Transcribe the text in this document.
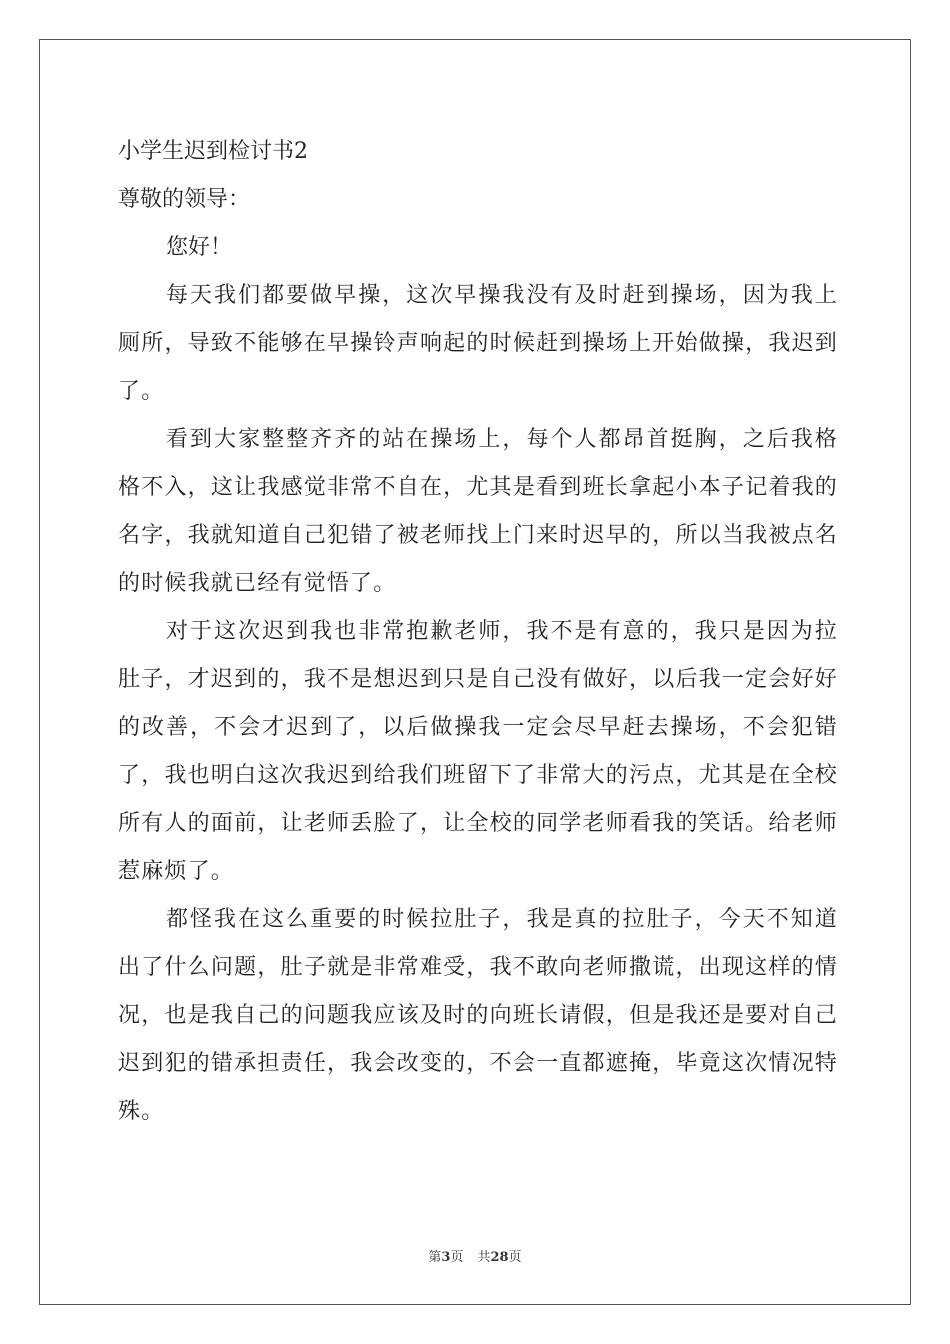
小学生迟到检讨书2

尊敬的领导：

您好！

每天我们都要做早操，这次早操我没有及时赶到操场，因为我上厕所，导致不能够在早操铃声响起的时候赶到操场上开始做操，我迟到了。

看到大家整整齐齐的站在操场上，每个人都昂首挺胸，之后我格格不入，这让我感觉非常不自在，尤其是看到班长拿起小本子记着我的名字，我就知道自己犯错了被老师找上门来时迟早的，所以当我被点名的时候我就已经有觉悟了。

对于这次迟到我也非常抱歉老师，我不是有意的，我只是因为拉肚子，才迟到的，我不是想迟到只是自己没有做好，以后我一定会好好的改善，不会才迟到了，以后做操我一定会尽早赶去操场，不会犯错了，我也明白这次我迟到给我们班留下了非常大的污点，尤其是在全校所有人的面前，让老师丢脸了，让全校的同学老师看我的笑话。给老师惹麻烦了。

都怪我在这么重要的时候拉肚子，我是真的拉肚子，今天不知道出了什么问题，肚子就是非常难受，我不敢向老师撒谎，出现这样的情况，也是我自己的问题我应该及时的向班长请假，但是我还是要对自己迟到犯的错承担责任，我会改变的，不会一直都遮掩，毕竟这次情况特殊。

第3页 共28页
